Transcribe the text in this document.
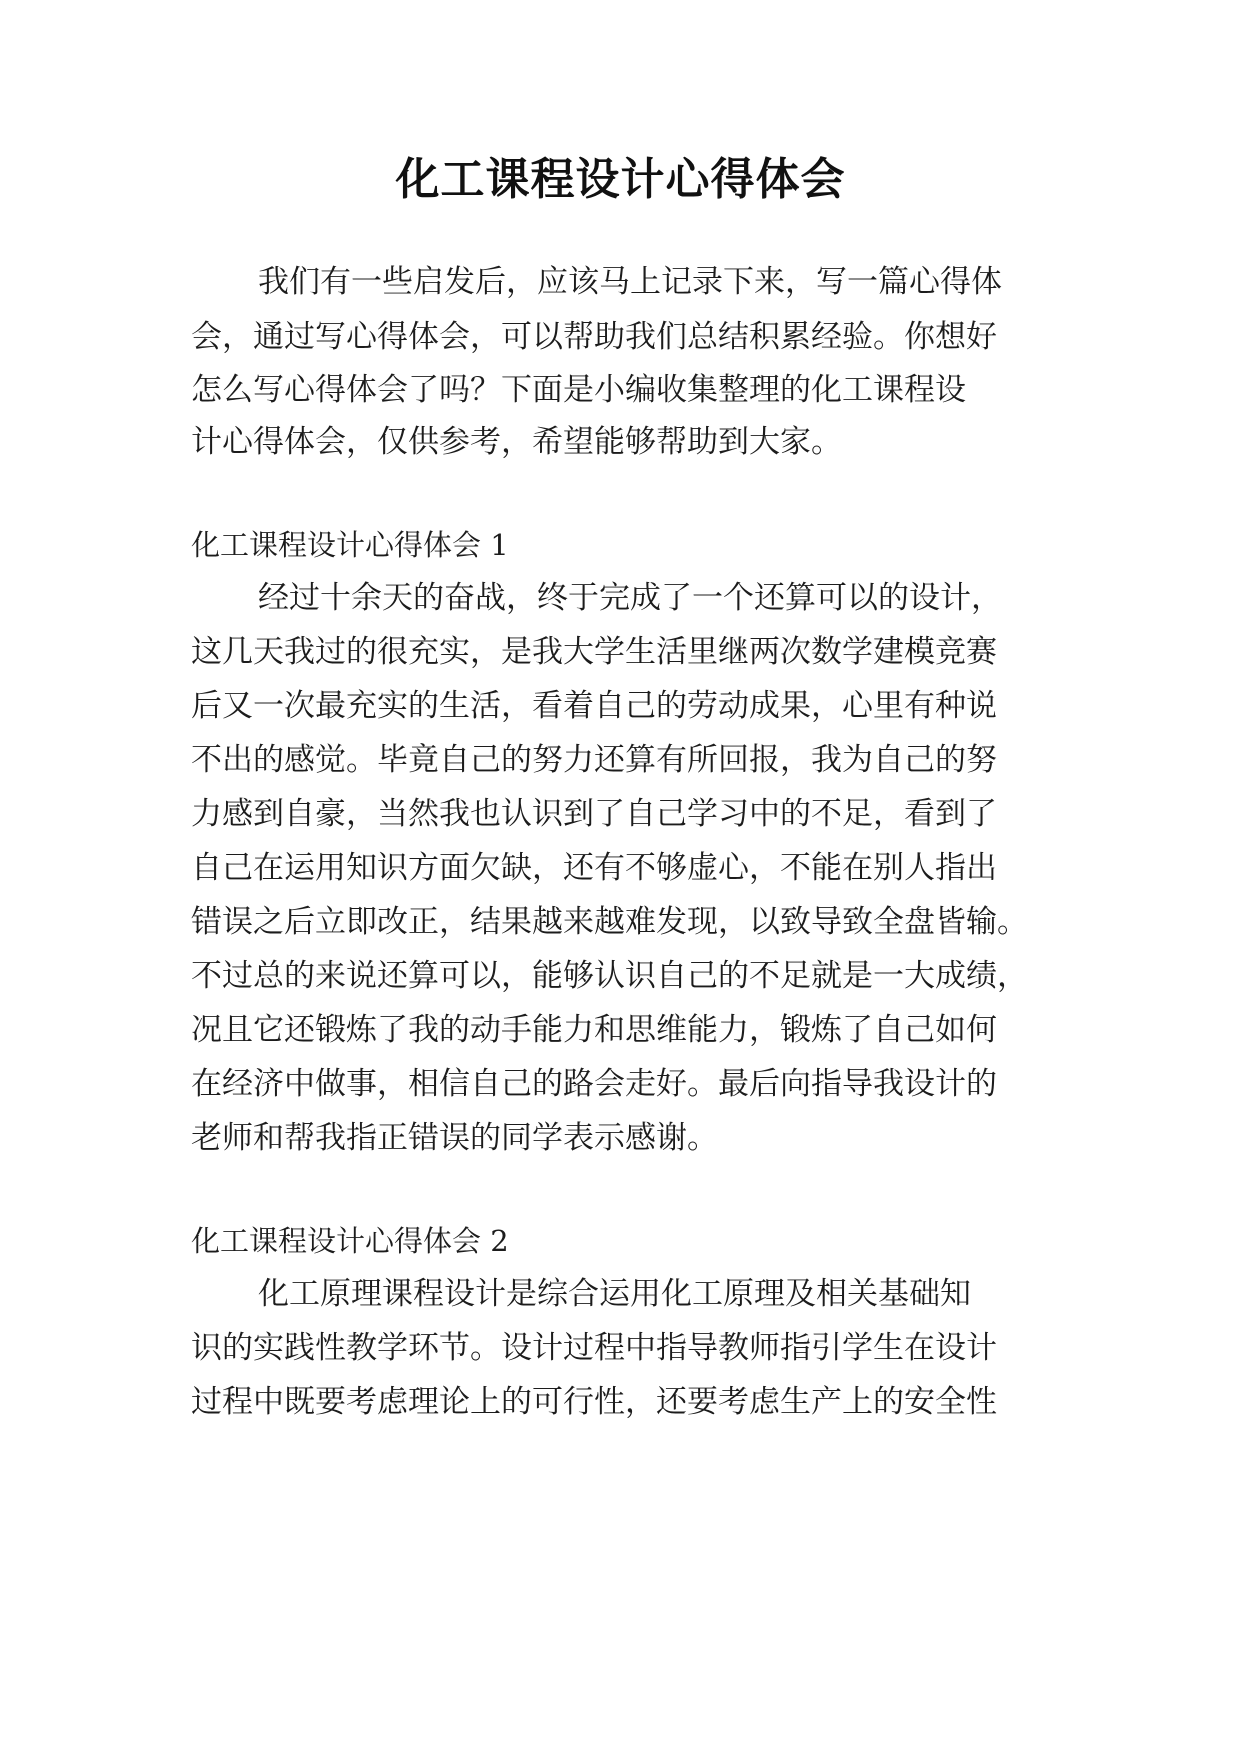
化工课程设计心得体会
我们有一些启发后，应该马上记录下来，写一篇心得体
会，通过写心得体会，可以帮助我们总结积累经验。你想好
怎么写心得体会了吗？下面是小编收集整理的化工课程设
计心得体会，仅供参考，希望能够帮助到大家。
化工课程设计心得体会 1
经过十余天的奋战，终于完成了一个还算可以的设计，
这几天我过的很充实，是我大学生活里继两次数学建模竞赛
后又一次最充实的生活，看着自己的劳动成果，心里有种说
不出的感觉。毕竟自己的努力还算有所回报，我为自己的努
力感到自豪，当然我也认识到了自己学习中的不足，看到了
自己在运用知识方面欠缺，还有不够虚心，不能在别人指出
错误之后立即改正，结果越来越难发现，以致导致全盘皆输。
不过总的来说还算可以，能够认识自己的不足就是一大成绩，
况且它还锻炼了我的动手能力和思维能力，锻炼了自己如何
在经济中做事，相信自己的路会走好。最后向指导我设计的
老师和帮我指正错误的同学表示感谢。
化工课程设计心得体会 2
化工原理课程设计是综合运用化工原理及相关基础知
识的实践性教学环节。设计过程中指导教师指引学生在设计
过程中既要考虑理论上的可行性，还要考虑生产上的安全性
